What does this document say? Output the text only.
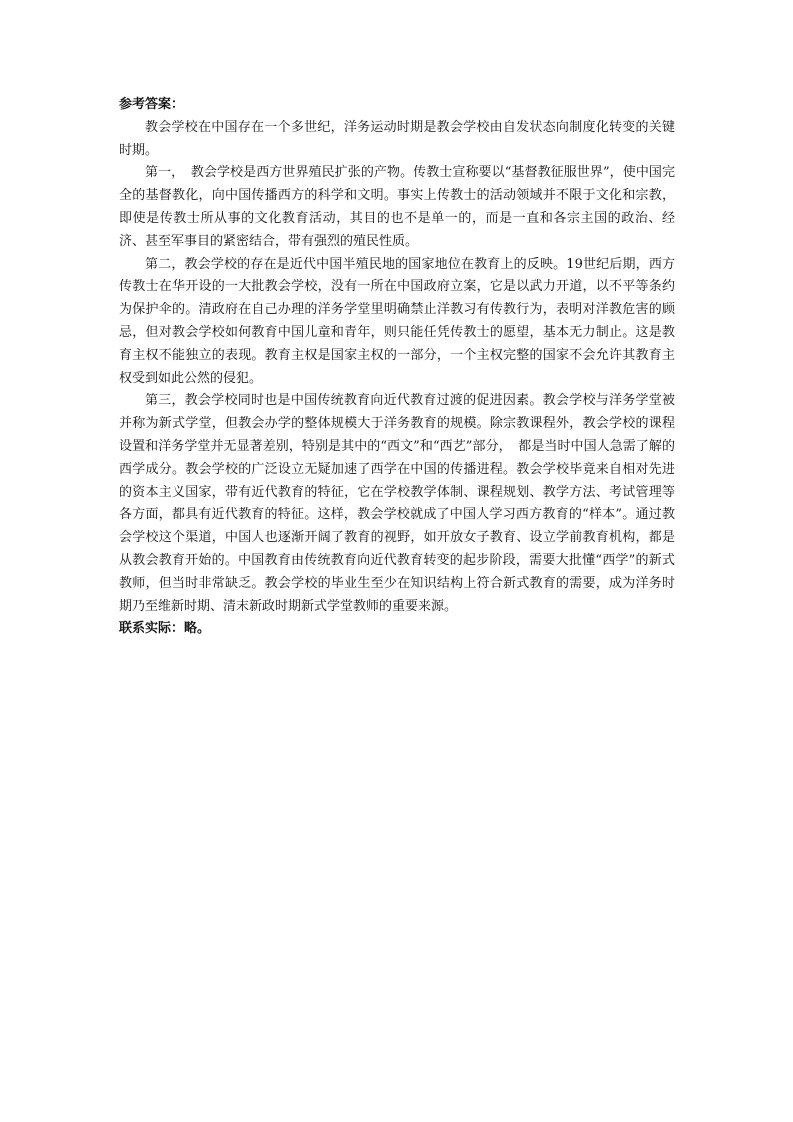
参考答案：

教会学校在中国存在一个多世纪，洋务运动时期是教会学校由自发状态向制度化转变的关键时期。

第一，　教会学校是西方世界殖民扩张的产物。传教士宣称要以“基督教征服世界”，使中国完全的基督教化，向中国传播西方的科学和文明。事实上传教士的活动领域并不限于文化和宗教，即使是传教士所从事的文化教育活动，其目的也不是单一的，而是一直和各宗主国的政治、经济、甚至军事目的紧密结合，带有强烈的殖民性质。

第二，教会学校的存在是近代中国半殖民地的国家地位在教育上的反映。19世纪后期，西方传教士在华开设的一大批教会学校，没有一所在中国政府立案，它是以武力开道，以不平等条约为保护伞的。清政府在自己办理的洋务学堂里明确禁止洋教习有传教行为，表明对洋教危害的顾忌，但对教会学校如何教育中国儿童和青年，则只能任凭传教士的愿望，基本无力制止。这是教育主权不能独立的表现。教育主权是国家主权的一部分，一个主权完整的国家不会允许其教育主权受到如此公然的侵犯。

第三，教会学校同时也是中国传统教育向近代教育过渡的促进因素。教会学校与洋务学堂被并称为新式学堂，但教会办学的整体规模大于洋务教育的规模。除宗教课程外，教会学校的课程设置和洋务学堂并无显著差别，特别是其中的“西文”和“西艺”部分，　都是当时中国人急需了解的西学成分。教会学校的广泛设立无疑加速了西学在中国的传播进程。教会学校毕竟来自相对先进的资本主义国家，带有近代教育的特征，它在学校教学体制、课程规划、教学方法、考试管理等各方面，都具有近代教育的特征。这样，教会学校就成了中国人学习西方教育的“样本”。通过教会学校这个渠道，中国人也逐渐开阔了教育的视野，如开放女子教育、设立学前教育机构，都是从教会教育开始的。中国教育由传统教育向近代教育转变的起步阶段，需要大批懂“西学”的新式教师，但当时非常缺乏。教会学校的毕业生至少在知识结构上符合新式教育的需要，成为洋务时期乃至维新时期、清末新政时期新式学堂教师的重要来源。

联系实际：略。
